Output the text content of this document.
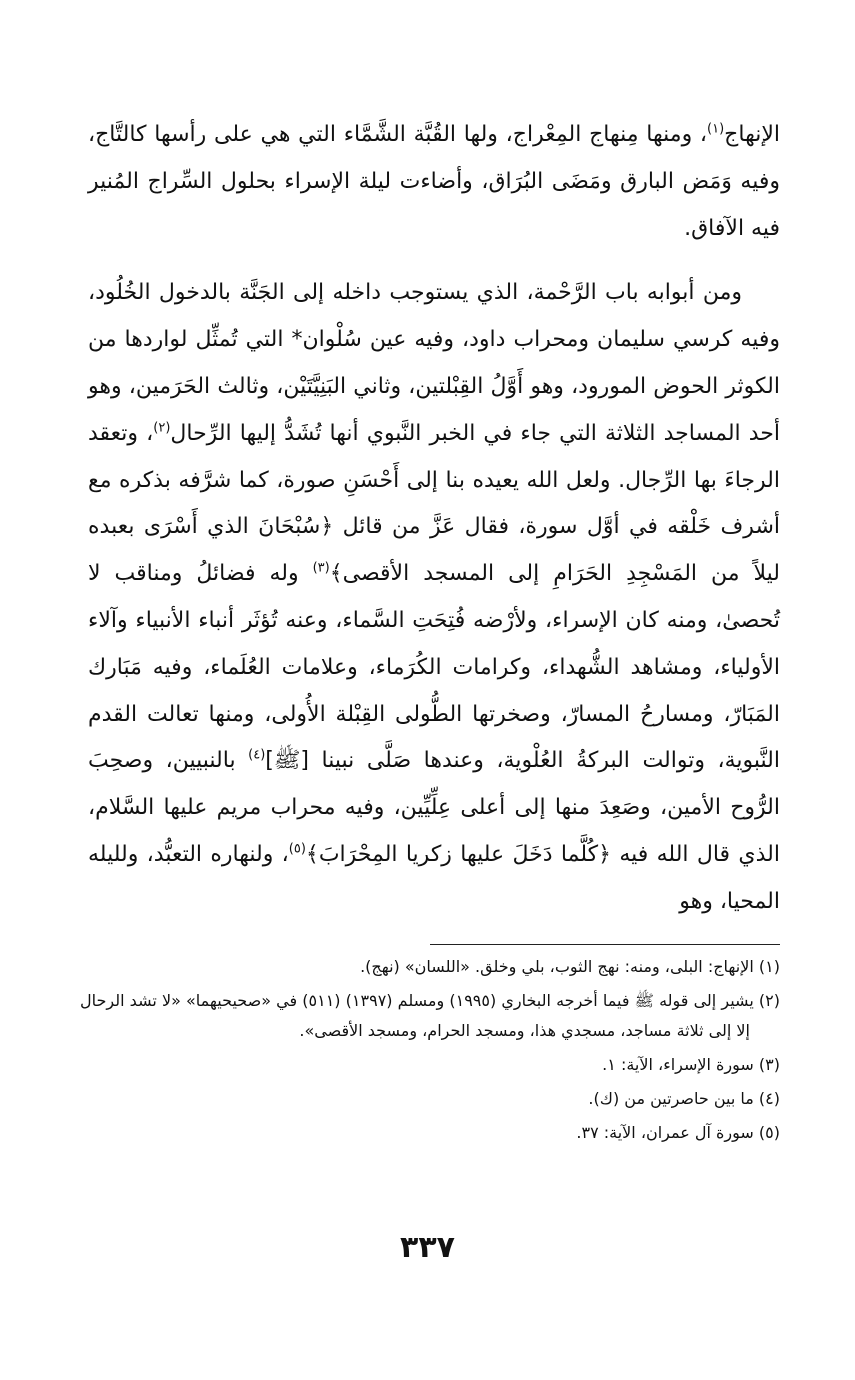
الإنهاج$^{(١)}$، ومنها مِنهاج المِعْراج، ولها القُبَّة الشَّمَّاء التي هي على رأسها كالتَّاج، وفيه وَمَض البارق ومَضَى البُرَاق، وأضاءت ليلة الإسراء بحلول السِّراج المُنير فيه الآفاق.

ومن أبوابه باب الرَّحْمة، الذي يستوجب داخله إلى الجَنَّة بالدخول الخُلُود، وفيه كرسي سليمان ومحراب داود، وفيه عين سُلْوان* التي تُمثِّل لواردها من الكوثر الحوض المورود، وهو أَوَّلُ القِبْلتين، وثاني البَنِيَّتَيْن، وثالث الحَرَمين، وهو أحد المساجد الثلاثة التي جاء في الخبر النَّبوي أنها تُشَدُّ إليها الرِّحال$^{(٢)}$، وتعقد الرجاءَ بها الرِّجال. ولعل الله يعيده بنا إلى أَحْسَنِ صورة، كما شرَّفه بذكره مع أشرف خَلْقه في أوَّل سورة، فقال عَزَّ من قائل ﴿سُبْحَانَ الذي أَسْرَى بعبده ليلاً من المَسْجِدِ الحَرَامِ إلى المسجد الأقصى﴾$^{(٣)}$ وله فضائلُ ومناقب لا تُحصىٰ، ومنه كان الإسراء، ولأرْضه فُتِحَتِ السَّماء، وعنه تُؤثَر أنباء الأنبياء وآلاء الأولياء، ومشاهد الشُّهداء، وكرامات الكُرَماء، وعلامات العُلَماء، وفيه مَبَارك المَبَارّ، ومسارحُ المسارّ، وصخرتها الطُّولى القِبْلة الأُولى، ومنها تعالت القدم النَّبوية، وتوالت البركةُ العُلْوية، وعندها صَلَّى نبينا [ﷺ]$^{(٤)}$ بالنبيين، وصحِبَ الرُّوح الأمين، وصَعِدَ منها إلى أعلى عِلِّيِّين، وفيه محراب مريم عليها السَّلام، الذي قال الله فيه ﴿كُلَّما دَخَلَ عليها زكريا المِحْرَابَ﴾$^{(٥)}$، ولنهاره التعبُّد، ولليله المحيا، وهو

(١) الإنهاج: البلى، ومنه: نهج الثوب، بلي وخلق. «اللسان» (نهج).
(٢) يشير إلى قوله ﷺ فيما أخرجه البخاري (١٩٩٥) ومسلم (١٣٩٧) (٥١١) في «صحيحيهما» «لا تشد الرحال إلا إلى ثلاثة مساجد، مسجدي هذا، ومسجد الحرام، ومسجد الأقصى».
(٣) سورة الإسراء، الآية: ١.
(٤) ما بين حاصرتين من (ك).
(٥) سورة آل عمران، الآية: ٣٧.
٣٣٧
